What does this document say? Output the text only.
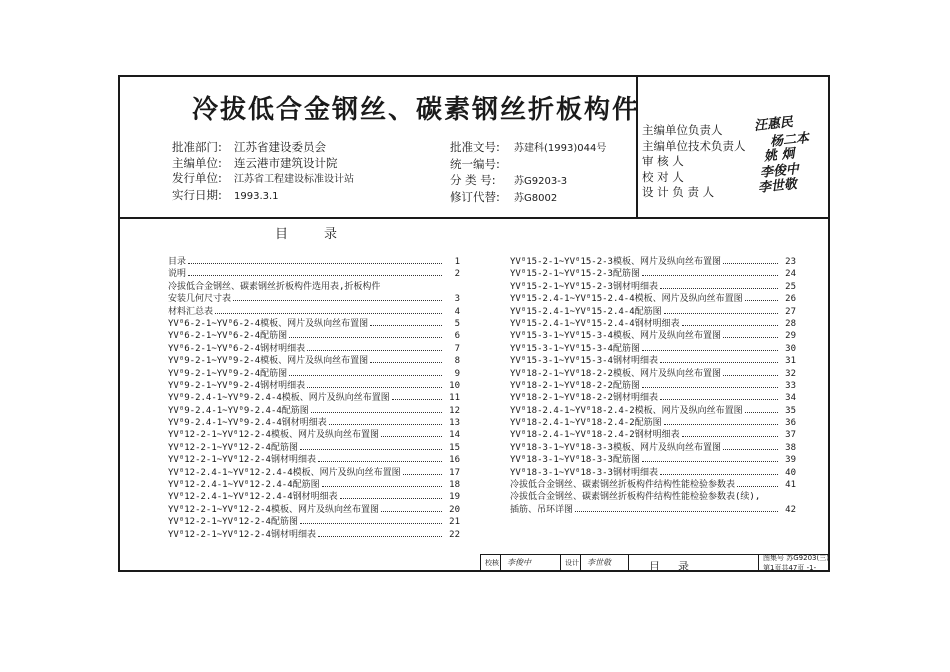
冷拔低合金钢丝、碳素钢丝折板构件
批准部门: 江苏省建设委员会
主编单位: 连云港市建筑设计院
发行单位: 江苏省工程建设标准设计站
实行日期: 1993.3.1
批准文号: 苏建科(1993)044号
统一编号:
分 类 号: 苏G9203-3
修订代替: 苏G8002
主编单位负责人 汪惠民
主编单位技术负责人 杨二本
审 核 人	姚 炯
校 对 人	李俊中
设 计 负 责 人	李世敬
目录
目录	1
说明	2
冷拔低合金钢丝、碳素钢丝折板构件选用表,折板构件
安装几何尺寸表	3
材料汇总表	4
YV⁰6-2-1~YV⁰6-2-4模板、网片及纵向丝布置图	5
YV⁰6-2-1~YV⁰6-2-4配筋图	6
YV⁰6-2-1~YV⁰6-2-4钢材明细表	7
YV⁰9-2-1~YV⁰9-2-4模板、网片及纵向丝布置图	8
YV⁰9-2-1~YV⁰9-2-4配筋图	9
YV⁰9-2-1~YV⁰9-2-4钢材明细表	10
YV⁰9-2.4-1~YV⁰9-2.4-4模板、网片及纵向丝布置图	11
YV⁰9-2.4-1~YV⁰9-2.4-4配筋图	12
YV⁰9-2.4-1~YV⁰9-2.4-4钢材明细表	13
YV⁰12-2-1~YV⁰12-2-4模板、网片及纵向丝布置图	14
YV⁰12-2-1~YV⁰12-2-4配筋图	15
YV⁰12-2-1~YV⁰12-2-4钢材明细表	16
YV⁰12-2.4-1~YV⁰12-2.4-4模板、网片及纵向丝布置图	17
YV⁰12-2.4-1~YV⁰12-2.4-4配筋图	18
YV⁰12-2.4-1~YV⁰12-2.4-4钢材明细表	19
YV⁰12-2-1~YV⁰12-2-4模板、网片及纵向丝布置图	20
YV⁰12-2-1~YV⁰12-2-4配筋图	21
YV⁰12-2-1~YV⁰12-2-4钢材明细表	22
YV⁰15-2-1~YV⁰15-2-3模板、网片及纵向丝布置图	23
YV⁰15-2-1~YV⁰15-2-3配筋图	24
YV⁰15-2-1~YV⁰15-2-3钢材明细表	25
YV⁰15-2.4-1~YV⁰15-2.4-4模板、网片及纵向丝布置图	26
YV⁰15-2.4-1~YV⁰15-2.4-4配筋图	27
YV⁰15-2.4-1~YV⁰15-2.4-4钢材明细表	28
YV⁰15-3-1~YV⁰15-3-4模板、网片及纵向丝布置图	29
YV⁰15-3-1~YV⁰15-3-4配筋图	30
YV⁰15-3-1~YV⁰15-3-4钢材明细表	31
YV⁰18-2-1~YV⁰18-2-2模板、网片及纵向丝布置图	32
YV⁰18-2-1~YV⁰18-2-2配筋图	33
YV⁰18-2-1~YV⁰18-2-2钢材明细表	34
YV⁰18-2.4-1~YV⁰18-2.4-2模板、网片及纵向丝布置图	35
YV⁰18-2.4-1~YV⁰18-2.4-2配筋图	36
YV⁰18-2.4-1~YV⁰18-2.4-2钢材明细表	37
YV⁰18-3-1~YV⁰18-3-3模板、网片及纵向丝布置图	38
YV⁰18-3-1~YV⁰18-3-3配筋图	39
YV⁰18-3-1~YV⁰18-3-3钢材明细表	40
冷拔低合金钢丝、碳素钢丝折板构件结构性能检验参数表	41
冷拔低合金钢丝、碳素钢丝折板构件结构性能检验参数表(续),
插筋、吊环详图	42
校核 李俊中	设计 李世敬	目录
图集号 苏G9203(三)
第1页共47页 -1-
